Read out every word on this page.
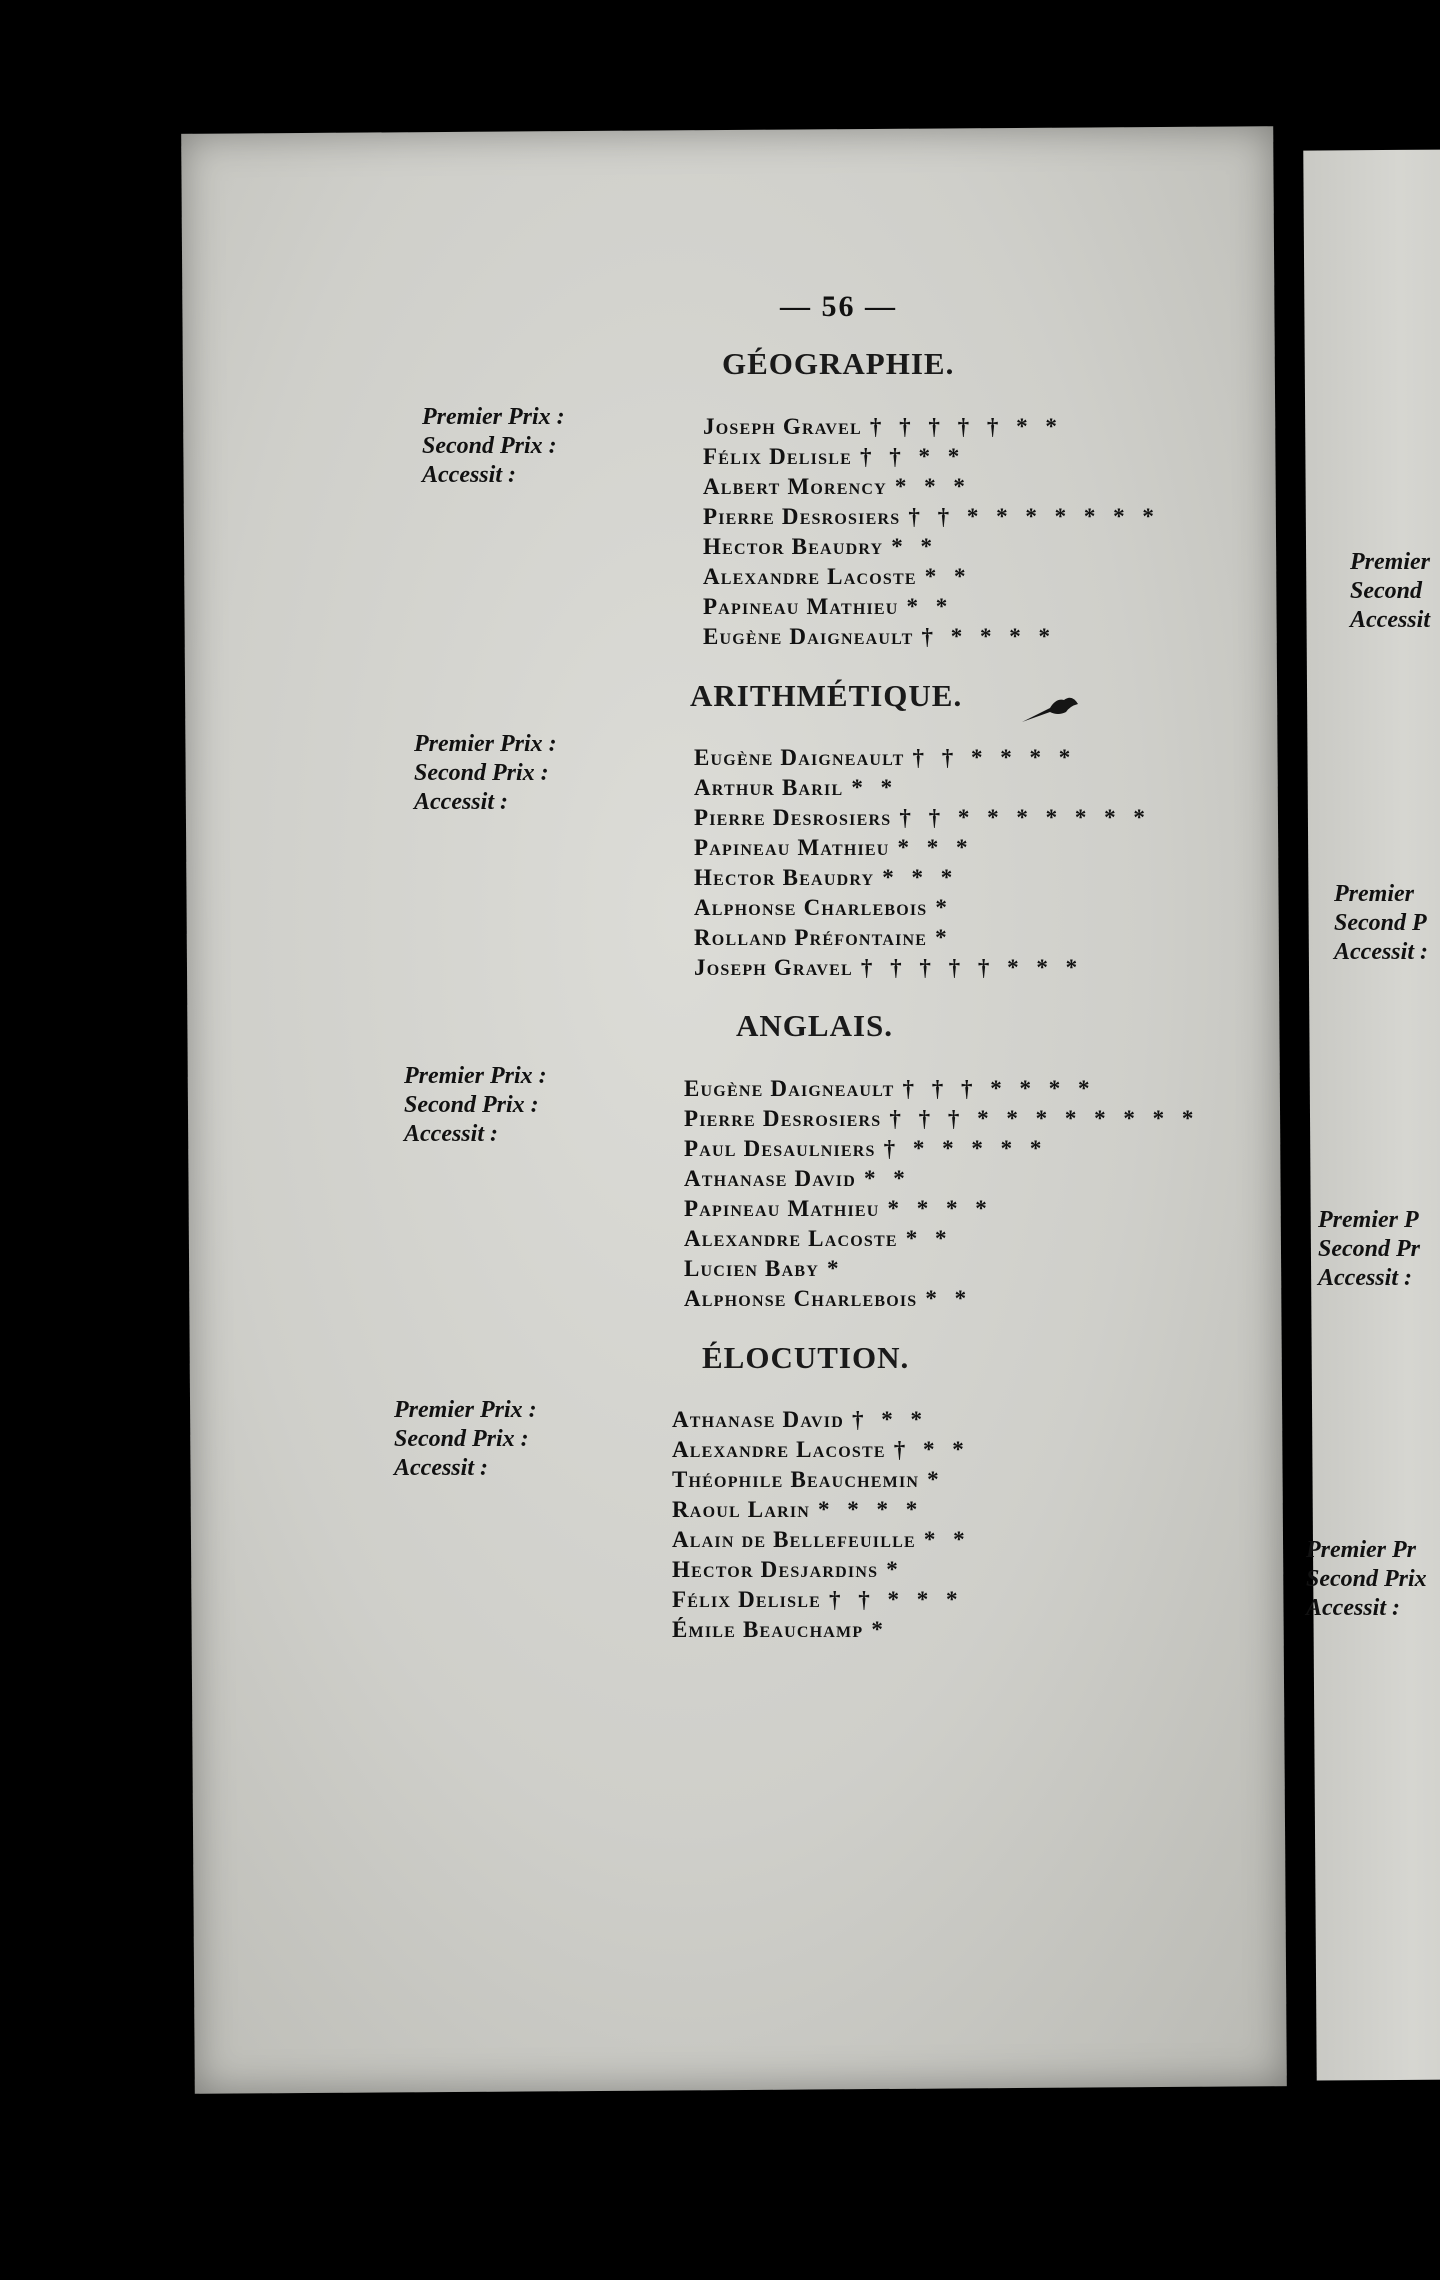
— 56 —
GÉOGRAPHIE.
Premier Prix :
Second Prix :
Accessit :
Joseph Gravel † † † † † * *
Félix Delisle † † * *
Albert Morency * * *
Pierre Desrosiers † † * * * * * * *
Hector Beaudry * *
Alexandre Lacoste * *
Papineau Mathieu * *
Eugène Daigneault † * * * *
ARITHMÉTIQUE.
Premier Prix :
Second Prix :
Accessit :
Eugène Daigneault † † * * * *
Arthur Baril * *
Pierre Desrosiers † † * * * * * * *
Papineau Mathieu * * *
Hector Beaudry * * *
Alphonse Charlebois *
Rolland Préfontaine *
Joseph Gravel † † † † † * * *
ANGLAIS.
Premier Prix :
Second Prix :
Accessit :
Eugène Daigneault † † † * * * *
Pierre Desrosiers † † † * * * * * * * *
Paul Desaulniers † * * * * *
Athanase David * *
Papineau Mathieu * * * *
Alexandre Lacoste * *
Lucien Baby *
Alphonse Charlebois * *
ÉLOCUTION.
Premier Prix :
Second Prix :
Accessit :
Athanase David † * *
Alexandre Lacoste † * *
Théophile Beauchemin *
Raoul Larin * * * *
Alain de Bellefeuille * *
Hector Desjardins *
Félix Delisle † † * * *
Émile Beauchamp *
Premier
Second
Accessit
Premier
Second P
Accessit :
Premier P
Second Pr
Accessit :
Premier Pr
Second Prix
Accessit :
